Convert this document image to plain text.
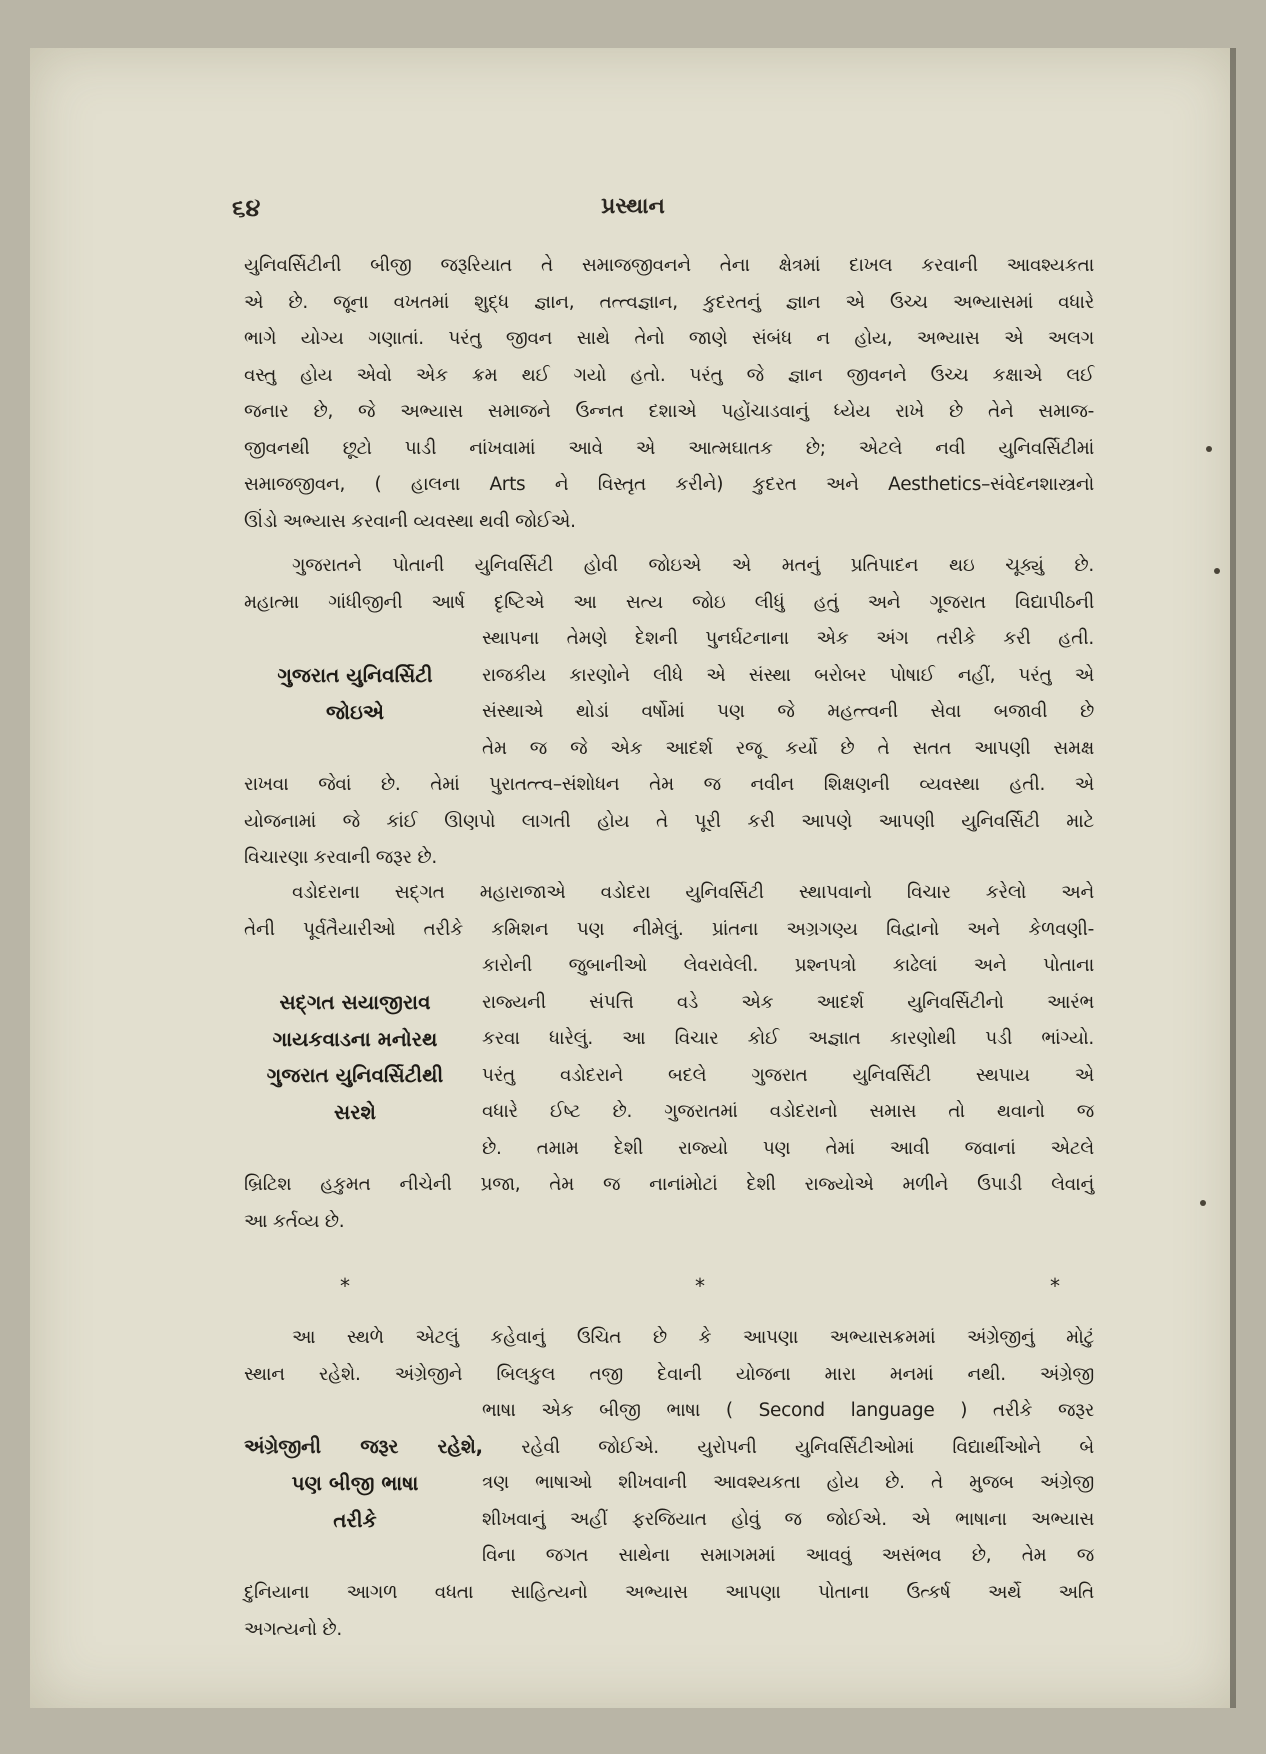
૬૪	પ્રસ્થાન
યુનિવર્સિટીની બીજી જરૂરિયાત તે સમાજજીવનને તેના ક્ષેત્રમાં દાખલ કરવાની આવશ્યકતા
એ છે. જૂના વખતમાં શુદ્ધ જ્ઞાન, તત્ત્વજ્ઞાન, કુદરતનું જ્ઞાન એ ઉચ્ચ અભ્યાસમાં વધારે
ભાગે યોગ્ય ગણાતાં. પરંતુ જીવન સાથે તેનો જાણે સંબંધ ન હોય, અભ્યાસ એ અલગ
વસ્તુ હોય એવો એક ક્રમ થઈ ગયો હતો. પરંતુ જે જ્ઞાન જીવનને ઉચ્ચ કક્ષાએ લઈ
જનાર છે, જે અભ્યાસ સમાજને ઉન્નત દશાએ પહોંચાડવાનું ધ્યેય રાખે છે તેને સમાજ-
જીવનથી છૂટો પાડી નાંખવામાં આવે એ આત્મઘાતક છે; એટલે નવી યુનિવર્સિટીમાં
સમાજજીવન, ( હાલના Arts ને વિસ્તૃત કરીને) કુદરત અને Aesthetics–સંવેદનશાસ્ત્રનો
ઊંડો અભ્યાસ કરવાની વ્યવસ્થા થવી જોઈએ.
ગુજરાતને પોતાની યુનિવર્સિટી હોવી જોઇએ એ મતનું પ્રતિપાદન થઇ ચૂક્યું છે.
મહાત્મા ગાંધીજીની આર્ષ દૃષ્ટિએ આ સત્ય જોઇ લીધું હતું અને ગૂજરાત વિદ્યાપીઠની
સ્થાપના તેમણે દેશની પુનર્ઘટનાના એક અંગ તરીકે કરી હતી.
રાજકીય કારણોને લીધે એ સંસ્થા બરોબર પોષાઈ નહીં, પરંતુ એ
સંસ્થાએ થોડાં વર્ષોમાં પણ જે મહત્ત્વની સેવા બજાવી છે
તેમ જ જે એક આદર્શ રજૂ કર્યો છે તે સતત આપણી સમક્ષ
ગુજરાત યુનિવર્સિટી
જોઇએ
રાખવા જેવાં છે. તેમાં પુરાતત્ત્વ–સંશોધન તેમ જ નવીન શિક્ષણની વ્યવસ્થા હતી. એ
યોજનામાં જે કાંઈ ઊણપો લાગતી હોય તે પૂરી કરી આપણે આપણી યુનિવર્સિટી માટે
વિચારણા કરવાની જરૂર છે.
વડોદરાના સદ્ગત મહારાજાએ વડોદરા યુનિવર્સિટી સ્થાપવાનો વિચાર કરેલો અને
તેની પૂર્વતૈયારીઓ તરીકે કમિશન પણ નીમેલું. પ્રાંતના અગ્રગણ્ય વિદ્વાનો અને કેળવણી-
કારોની જુબાનીઓ લેવરાવેલી. પ્રશ્નપત્રો કાઢેલાં અને પોતાના
રાજ્યની સંપત્તિ વડે એક આદર્શ યુનિવર્સિટીનો આરંભ
કરવા ધારેલું. આ વિચાર કોઈ અજ્ઞાત કારણોથી પડી ભાંગ્યો.
પરંતુ વડોદરાને બદલે ગુજરાત યુનિવર્સિટી સ્થપાય એ
વધારે ઈષ્ટ છે. ગુજરાતમાં વડોદરાનો સમાસ તો થવાનો જ
છે. તમામ દેશી રાજ્યો પણ તેમાં આવી જવાનાં એટલે
સદ્ગત સયાજીરાવ
ગાયકવાડના મનોરથ
ગુજરાત યુનિવર્સિટીથી
સરશે
બ્રિટિશ હકુમત નીચેની પ્રજા, તેમ જ નાનાંમોટાં દેશી રાજ્યોએ મળીને ઉપાડી લેવાનું
આ કર્તવ્ય છે.
*	*	*
આ સ્થળે એટલું કહેવાનું ઉચિત છે કે આપણા અભ્યાસક્રમમાં અંગ્રેજીનું મોટું
સ્થાન રહેશે. અંગ્રેજીને બિલકુલ તજી દેવાની યોજના મારા મનમાં નથી. અંગ્રેજી
ભાષા એક બીજી ભાષા ( Second language ) તરીકે જરૂર
અંગ્રેજીની જરૂર રહેશે, રહેવી જોઈએ. યુરોપની યુનિવર્સિટીઓમાં વિદ્યાર્થીઓને બે
ત્રણ ભાષાઓ શીખવાની આવશ્યકતા હોય છે. તે મુજબ અંગ્રેજી
શીખવાનું અહીં ફરજિયાત હોવું જ જોઈએ. એ ભાષાના અભ્યાસ
વિના જગત સાથેના સમાગમમાં આવવું અસંભવ છે, તેમ જ
પણ બીજી ભાષા
તરીકે
દુનિયાના આગળ વધતા સાહિત્યનો અભ્યાસ આપણા પોતાના ઉત્કર્ષ અર્થે અતિ
અગત્યનો છે.
